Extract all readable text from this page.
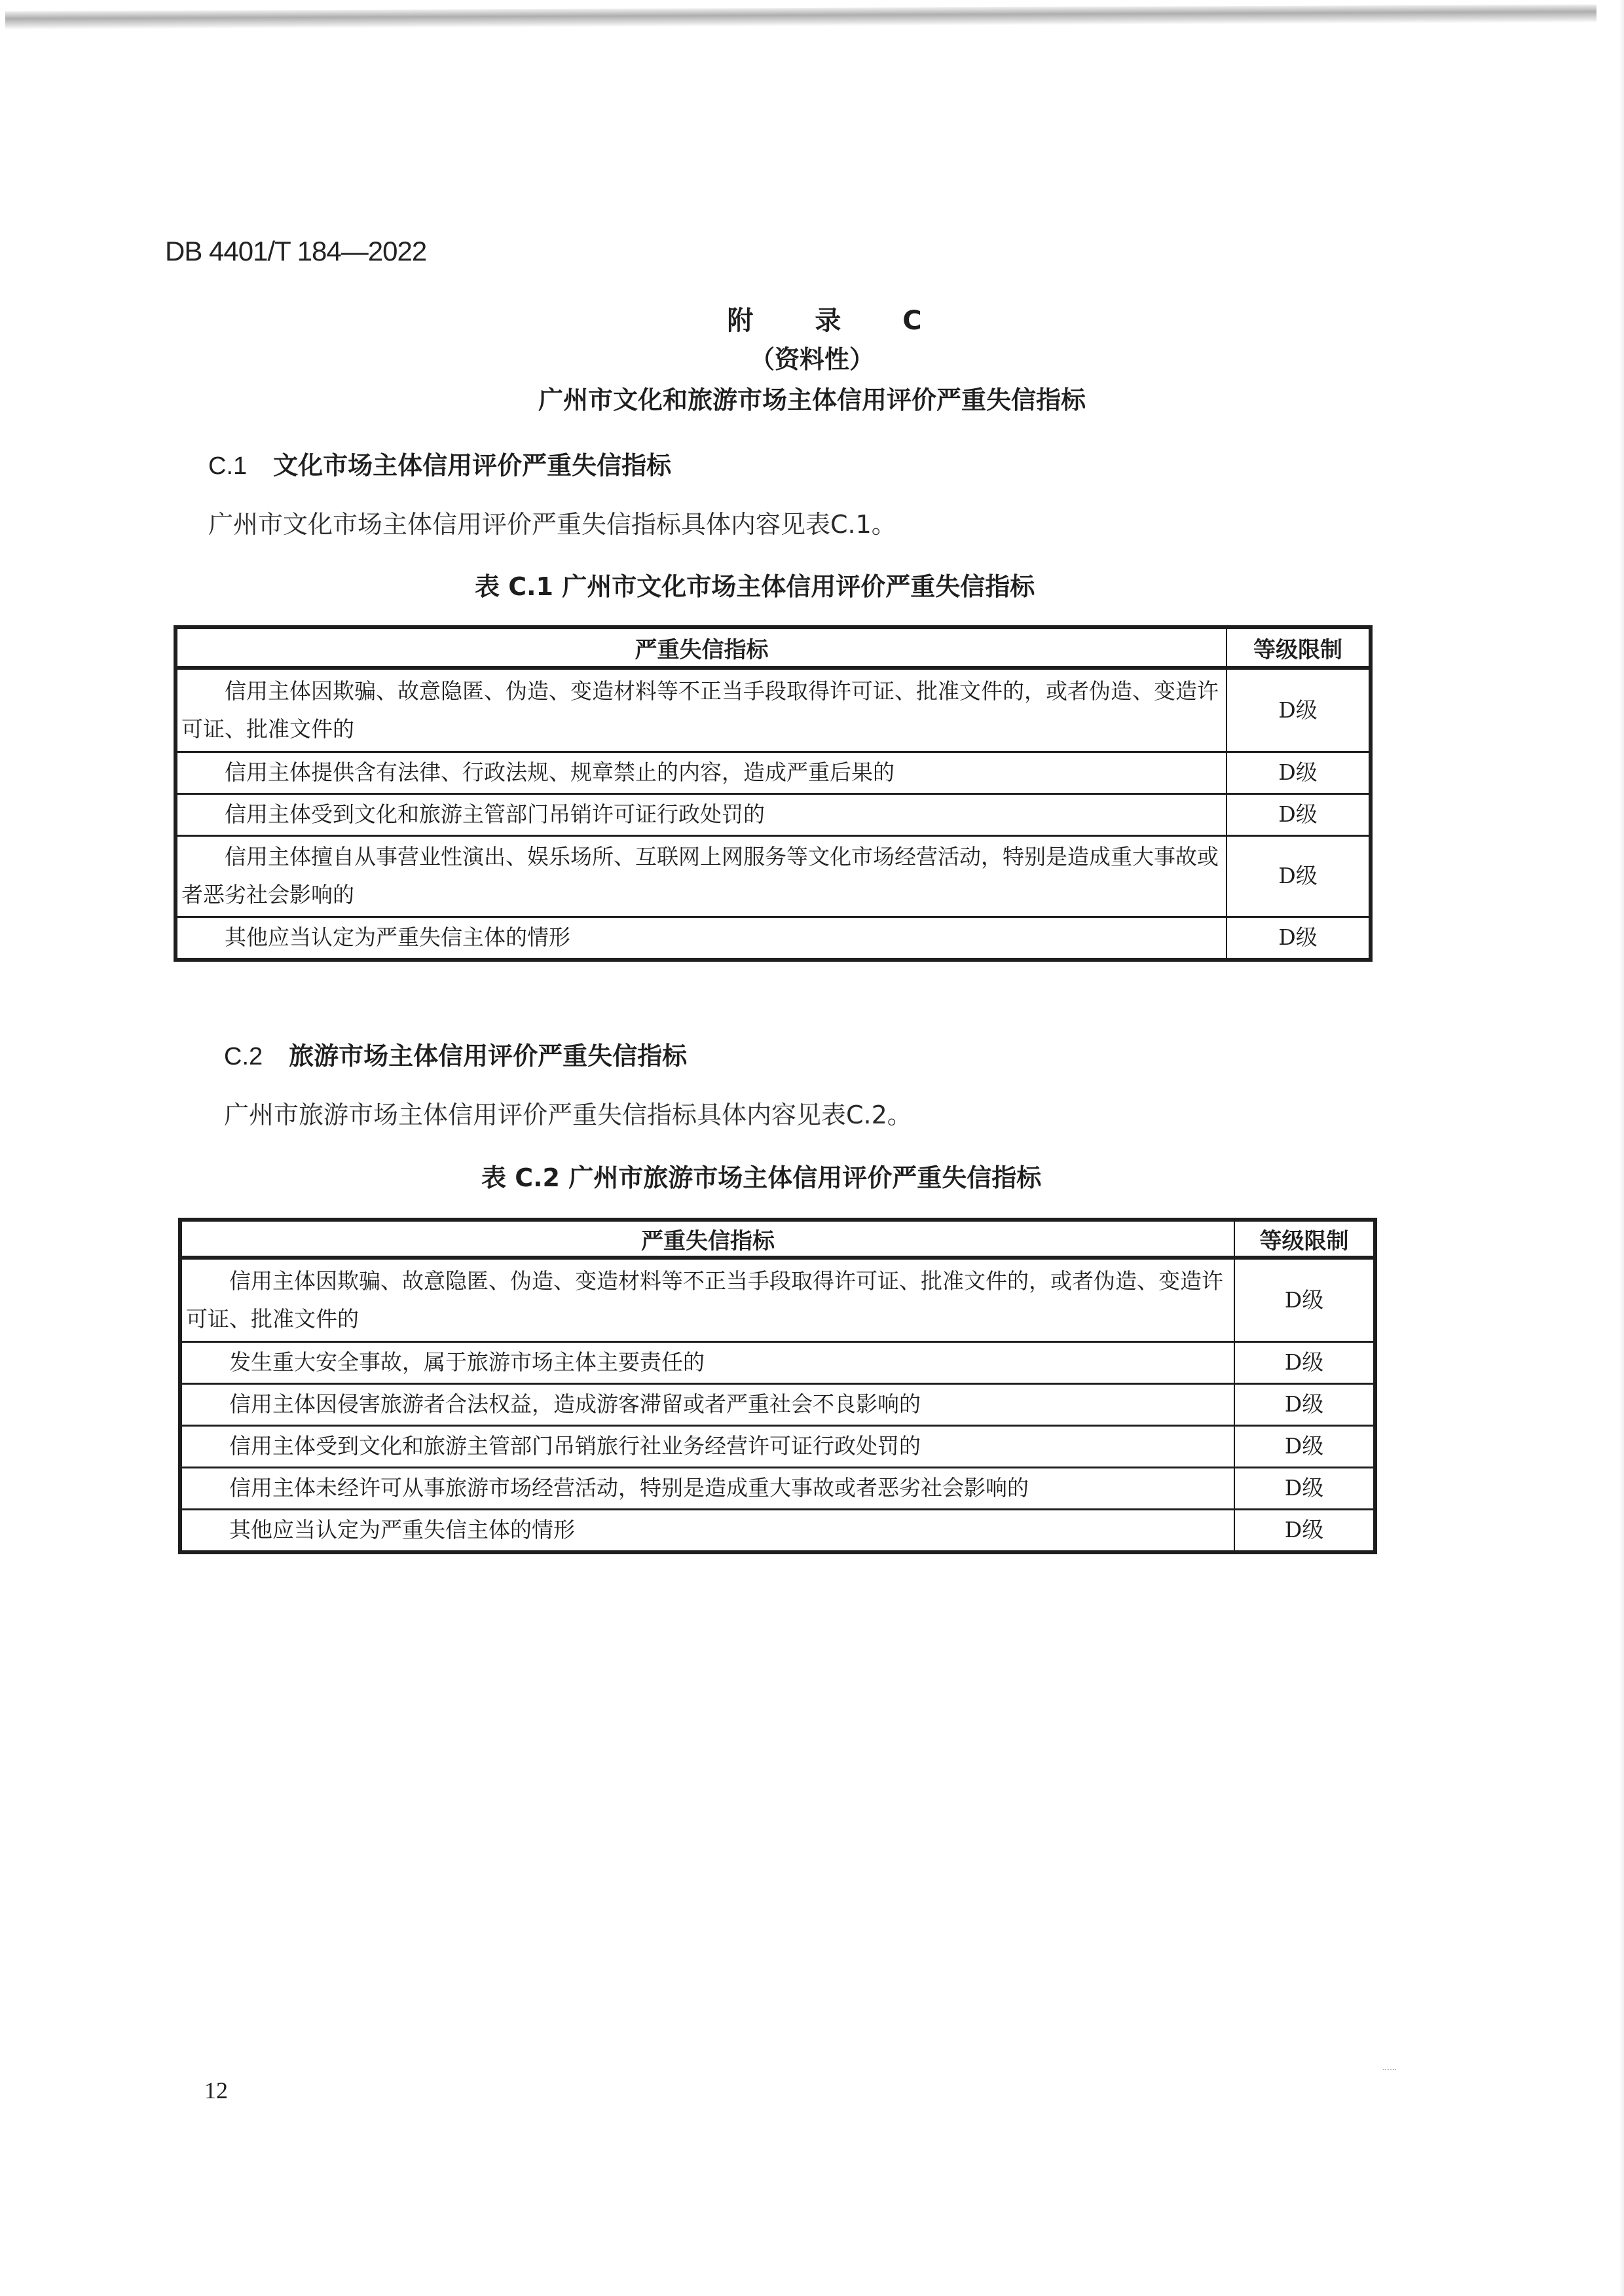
DB 4401/T 184—2022
附 录 C
（资料性）
广州市文化和旅游市场主体信用评价严重失信指标
C.1 文化市场主体信用评价严重失信指标
广州市文化市场主体信用评价严重失信指标具体内容见表C.1。
表 C.1 广州市文化市场主体信用评价严重失信指标
严重失信指标	等级限制
信用主体因欺骗、故意隐匿、伪造、变造材料等不正当手段取得许可证、批准文件的，或者伪造、变造许可证、批准文件的	D级
信用主体提供含有法律、行政法规、规章禁止的内容，造成严重后果的	D级
信用主体受到文化和旅游主管部门吊销许可证行政处罚的	D级
信用主体擅自从事营业性演出、娱乐场所、互联网上网服务等文化市场经营活动，特别是造成重大事故或者恶劣社会影响的	D级
其他应当认定为严重失信主体的情形	D级
C.2 旅游市场主体信用评价严重失信指标
广州市旅游市场主体信用评价严重失信指标具体内容见表C.2。
表 C.2 广州市旅游市场主体信用评价严重失信指标
严重失信指标	等级限制
信用主体因欺骗、故意隐匿、伪造、变造材料等不正当手段取得许可证、批准文件的，或者伪造、变造许可证、批准文件的	D级
发生重大安全事故，属于旅游市场主体主要责任的	D级
信用主体因侵害旅游者合法权益，造成游客滞留或者严重社会不良影响的	D级
信用主体受到文化和旅游主管部门吊销旅行社业务经营许可证行政处罚的	D级
信用主体未经许可从事旅游市场经营活动，特别是造成重大事故或者恶劣社会影响的	D级
其他应当认定为严重失信主体的情形	D级
12
